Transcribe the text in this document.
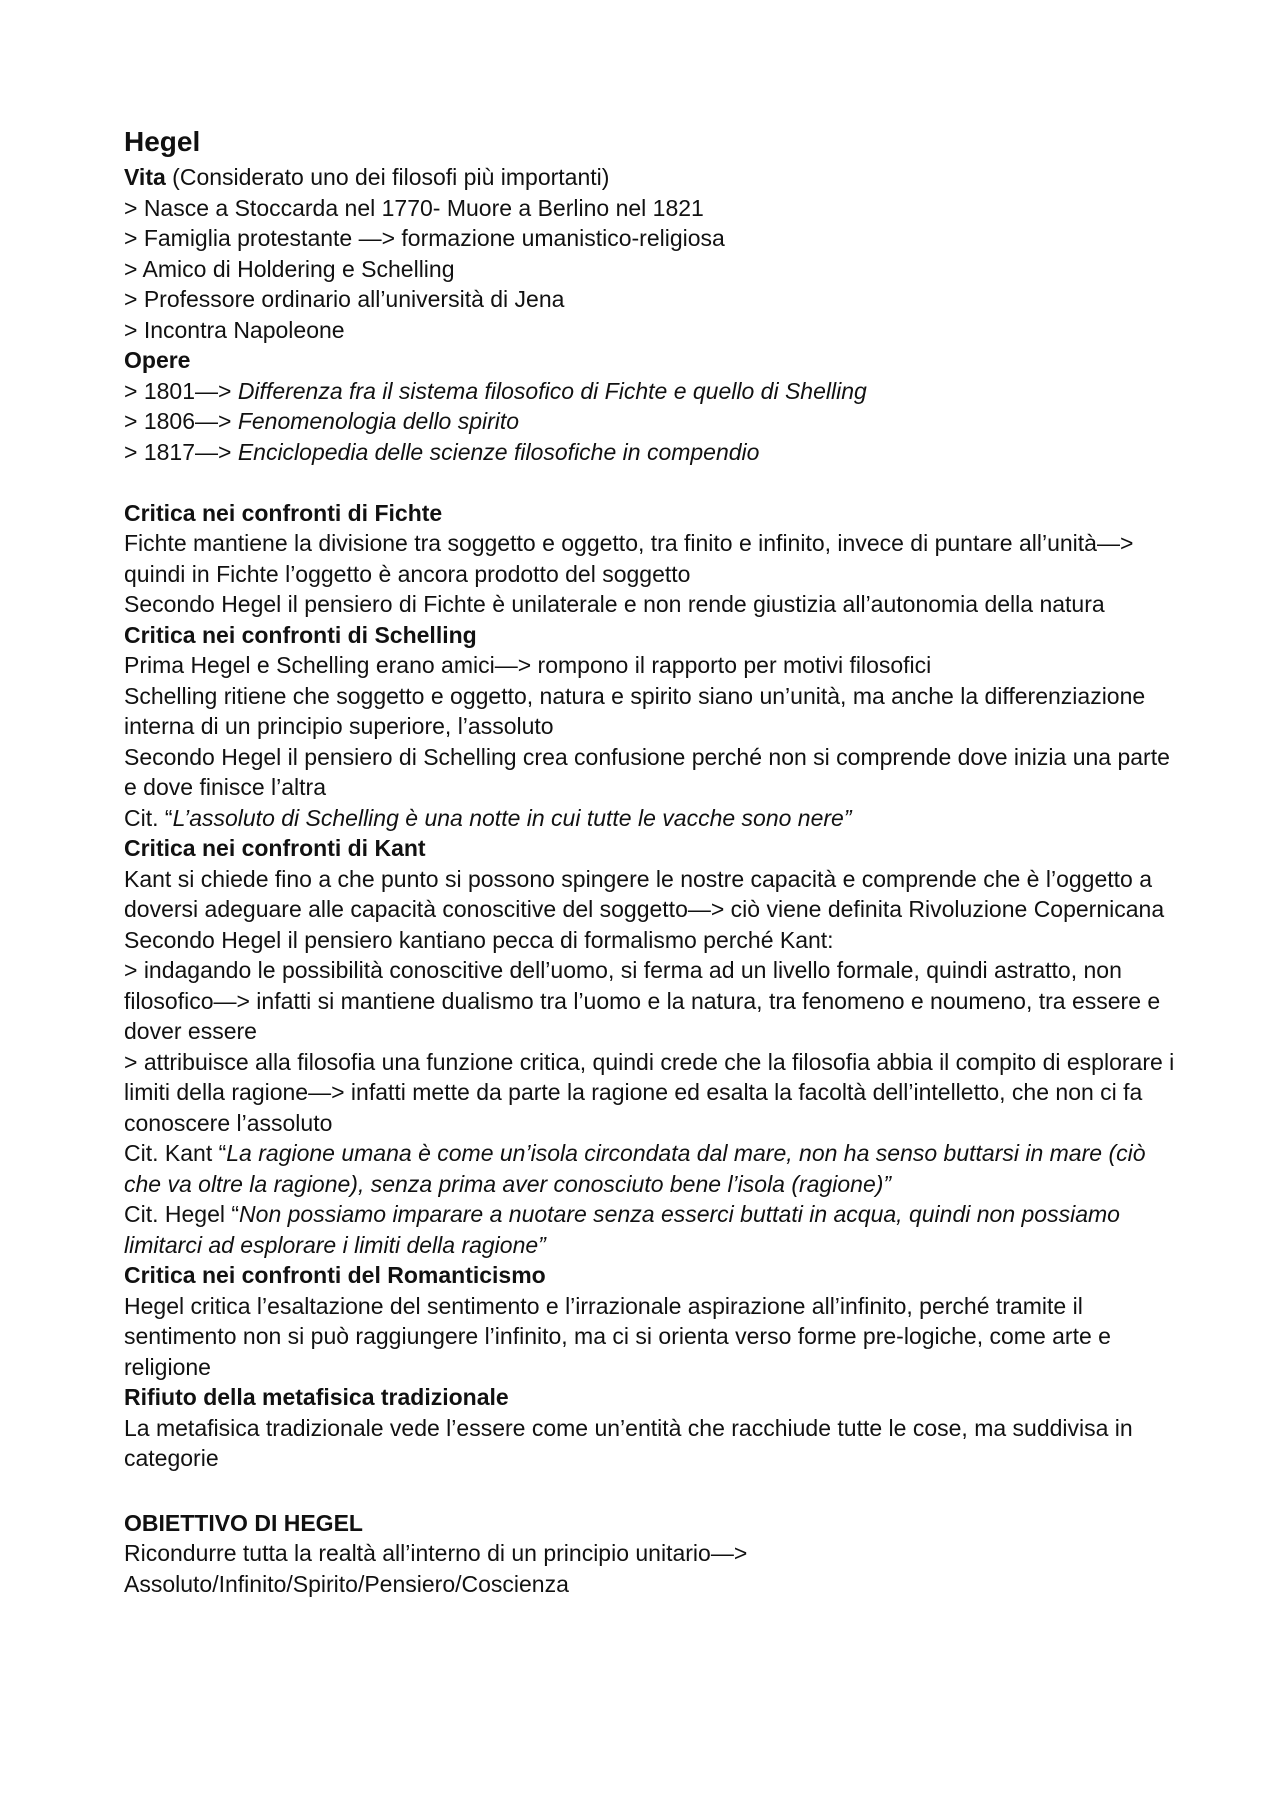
Hegel

Vita (Considerato uno dei filosofi più importanti)

> Nasce a Stoccarda nel 1770- Muore a Berlino nel 1821

> Famiglia protestante —> formazione umanistico-religiosa

> Amico di Holdering e Schelling

> Professore ordinario all’università di Jena

> Incontra Napoleone

Opere

> 1801—> Differenza fra il sistema filosofico di Fichte e quello di Shelling

> 1806—> Fenomenologia dello spirito

> 1817—> Enciclopedia delle scienze filosofiche in compendio

Critica nei confronti di Fichte

Fichte mantiene la divisione tra soggetto e oggetto, tra finito e infinito, invece di puntare all’unità—> quindi in Fichte l’oggetto è ancora prodotto del soggetto

Secondo Hegel il pensiero di Fichte è unilaterale e non rende giustizia all’autonomia della natura

Critica nei confronti di Schelling

Prima Hegel e Schelling erano amici—> rompono il rapporto per motivi filosofici

Schelling ritiene che soggetto e oggetto, natura e spirito siano un’unità, ma anche la differenziazione interna di un principio superiore, l’assoluto

Secondo Hegel il pensiero di Schelling crea confusione perché non si comprende dove inizia una parte e dove finisce l’altra

Cit. “L’assoluto di Schelling è una notte in cui tutte le vacche sono nere”

Critica nei confronti di Kant

Kant si chiede fino a che punto si possono spingere le nostre capacità e comprende che è l’oggetto a doversi adeguare alle capacità conoscitive del soggetto—> ciò viene definita Rivoluzione Copernicana

Secondo Hegel il pensiero kantiano pecca di formalismo perché Kant:

> indagando le possibilità conoscitive dell’uomo, si ferma ad un livello formale, quindi astratto, non filosofico—> infatti si mantiene dualismo tra l’uomo e la natura, tra fenomeno e noumeno, tra essere e dover essere

> attribuisce alla filosofia una funzione critica, quindi crede che la filosofia abbia il compito di esplorare i limiti della ragione—> infatti mette da parte la ragione ed esalta la facoltà dell’intelletto, che non ci fa conoscere l’assoluto

Cit. Kant “La ragione umana è come un’isola circondata dal mare, non ha senso buttarsi in mare (ciò che va oltre la ragione), senza prima aver conosciuto bene l’isola (ragione)”

Cit. Hegel “Non possiamo imparare a nuotare senza esserci buttati in acqua, quindi non possiamo limitarci ad esplorare i limiti della ragione”

Critica nei confronti del Romanticismo

Hegel critica l’esaltazione del sentimento e l’irrazionale aspirazione all’infinito, perché tramite il sentimento non si può raggiungere l’infinito, ma ci si orienta verso forme pre-logiche, come arte e religione

Rifiuto della metafisica tradizionale

La metafisica tradizionale vede l’essere come un’entità che racchiude tutte le cose, ma suddivisa in categorie

OBIETTIVO DI HEGEL

Ricondurre tutta la realtà all’interno di un principio unitario—> Assoluto/Infinito/Spirito/Pensiero/Coscienza
